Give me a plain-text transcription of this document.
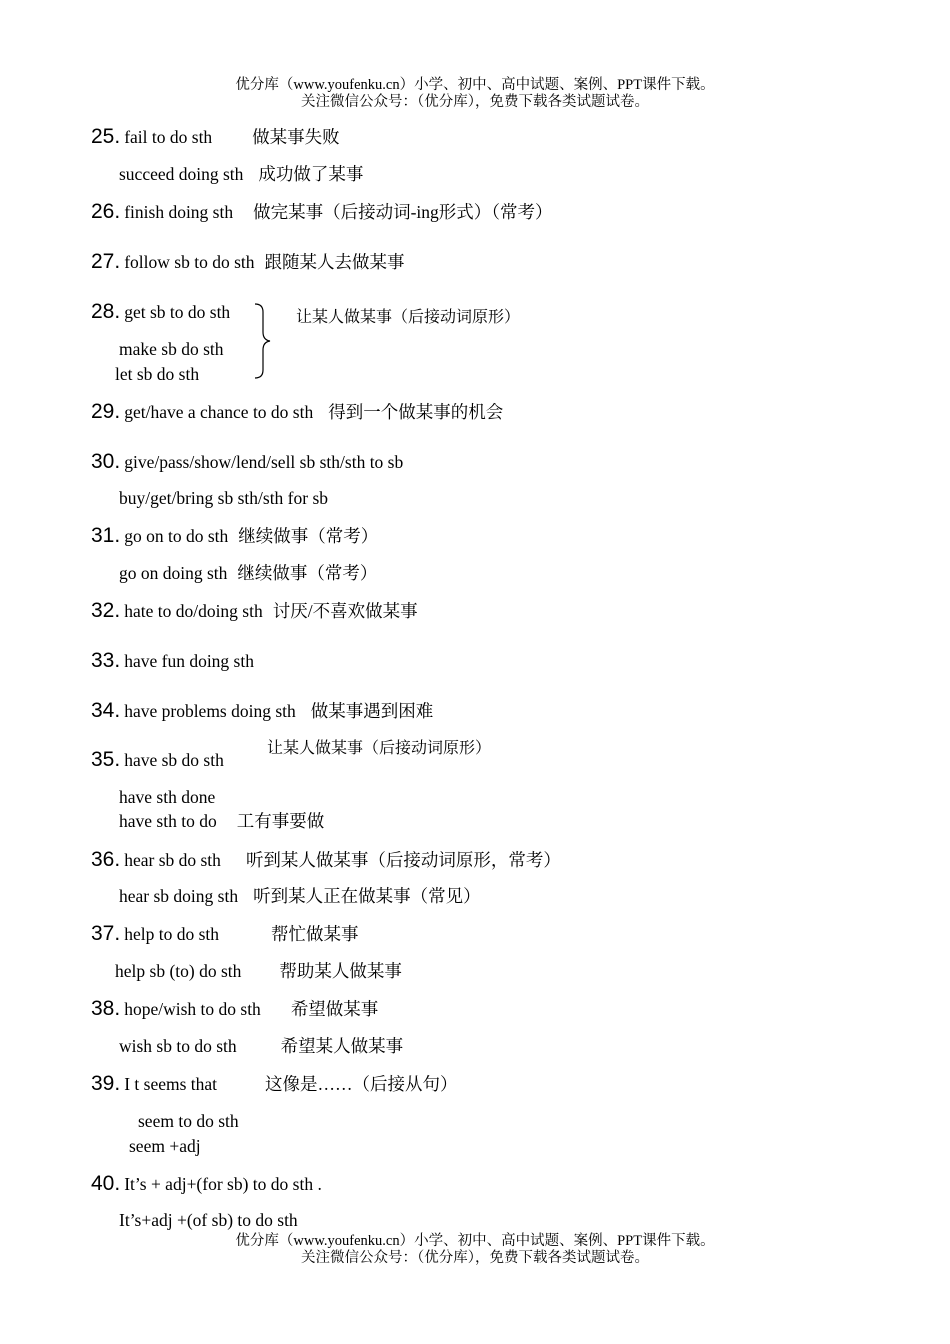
优分库（www.youfenku.cn）小学、初中、高中试题、案例、PPT课件下载。
关注微信公众号：（优分库），免费下载各类试题试卷。
25. fail to do sth 做某事失败
succeed doing sth 成功做了某事
26. finish doing sth 做完某事（后接动词-ing形式）（常考）
27. follow sb to do sth 跟随某人去做某事
28. get sb to do sth
make sb do sth
let sb do sth
让某人做某事（后接动词原形）
29. get/have a chance to do sth 得到一个做某事的机会
30. give/pass/show/lend/sell sb sth/sth to sb
buy/get/bring sb sth/sth for sb
31. go on to do sth 继续做事（常考）
go on doing sth 继续做事（常考）
32. hate to do/doing sth 讨厌/不喜欢做某事
33. have fun doing sth
34. have problems doing sth 做某事遇到困难
让某人做某事（后接动词原形）
35. have sb do sth
have sth done
have sth to do 工有事要做
36. hear sb do sth 听到某人做某事（后接动词原形，常考）
hear sb doing sth 听到某人正在做某事（常见）
37. help to do sth	帮忙做某事
help sb (to) do sth 帮助某人做某事
38. hope/wish to do sth 希望做某事
wish sb to do sth	希望某人做某事
39. I t seems that	这像是……（后接从句）
seem to do sth
seem +adj
40. It’s + adj+(for sb) to do sth .
It’s+adj +(of sb) to do sth
优分库（www.youfenku.cn）小学、初中、高中试题、案例、PPT课件下载。
关注微信公众号：（优分库），免费下载各类试题试卷。
